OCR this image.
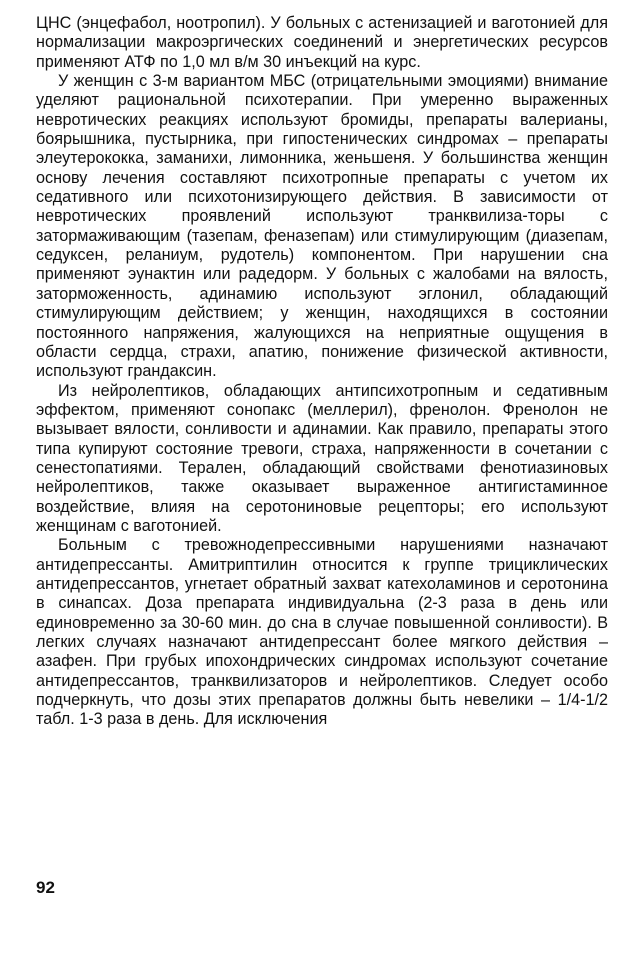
ЦНС (энцефабол, ноотропил). У больных с астенизацией и ваготонией для нормализации макроэргических соединений и энергетических ресурсов применяют АТФ по 1,0 мл в/м 30 инъекций на курс.

У женщин с 3-м вариантом МБС (отрицательными эмоциями) внимание уделяют рациональной психотерапии. При умеренно выраженных невротических реакциях используют бромиды, препараты валерианы, боярышника, пустырника, при гипостенических синдромах – препараты элеутерококка, заманихи, лимонника, женьшеня. У большинства женщин основу лечения составляют психотропные препараты с учетом их седативного или психотонизирующего действия. В зависимости от невротических проявлений используют транквилиза-торы с затормаживающим (тазепам, феназепам) или стимулирующим (диазепам, седуксен, реланиум, рудотель) компонентом. При нарушении сна применяют эунактин или радедорм. У больных с жалобами на вялость, заторможенность, адинамию используют эглонил, обладающий стимулирующим действием; у женщин, находящихся в состоянии постоянного напряжения, жалующихся на неприятные ощущения в области сердца, страхи, апатию, понижение физической активности, используют грандаксин.

Из нейролептиков, обладающих антипсихотропным и седативным эффектом, применяют сонопакс (меллерил), френолон. Френолон не вызывает вялости, сонливости и адинамии. Как правило, препараты этого типа купируют состояние тревоги, страха, напряженности в сочетании с сенестопатиями. Терален, обладающий свойствами фенотиазиновых нейролептиков, также оказывает выраженное антигистаминное воздействие, влияя на серотониновые рецепторы; его используют женщинам с ваготонией.

Больным с тревожнодепрессивными нарушениями назначают антидепрессанты. Амитриптилин относится к группе трициклических антидепрессантов, угнетает обратный захват катехоламинов и серотонина в синапсах. Доза препарата индивидуальна (2-3 раза в день или единовременно за 30-60 мин. до сна в случае повышенной сонливости). В легких случаях назначают антидепрессант более мягкого действия – азафен. При грубых ипохондрических синдромах используют сочетание антидепрессантов, транквилизаторов и нейролептиков. Следует особо подчеркнуть, что дозы этих препаратов должны быть невелики – 1/4-1/2 табл. 1-3 раза в день. Для исключения

92
